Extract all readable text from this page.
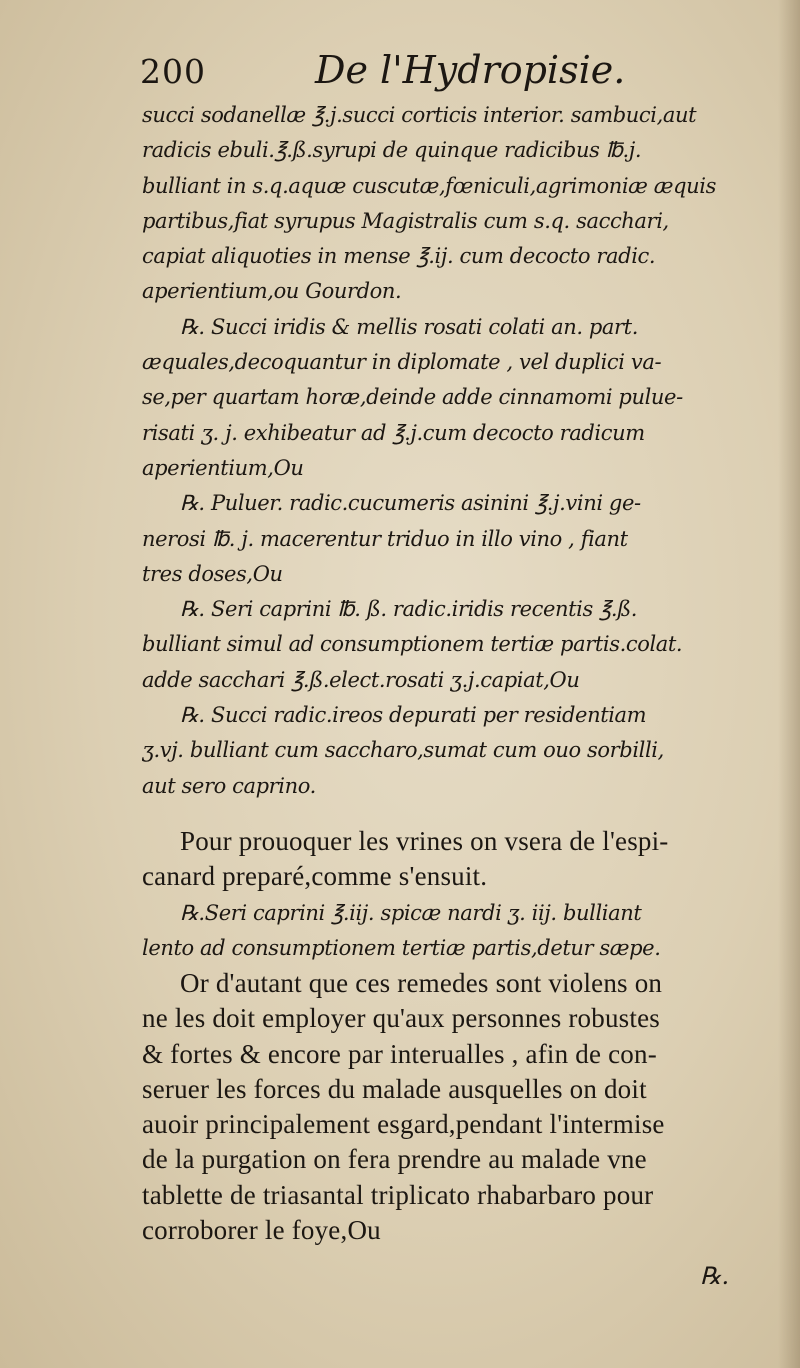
200	De l'Hydropisie.
succi sodanellæ ℥.j.succi corticis interior. sambuci,aut
radicis ebuli.℥.ß.syrupi de quinque radicibus ℔.j.
bulliant in s.q.aquæ cuscutæ,fœniculi,agrimoniæ æquis
partibus,fiat syrupus Magistralis cum s.q. sacchari,
capiat aliquoties in mense ℥.ij. cum decocto radic.
aperientium,ou Gourdon.
℞. Succi iridis & mellis rosati colati an. part.
æquales,decoquantur in diplomate , vel duplici va-
se,per quartam horæ,deinde adde cinnamomi pulue-
risati ʒ. j. exhibeatur ad ℥.j.cum decocto radicum
aperientium,Ou
℞. Puluer. radic.cucumeris asinini ℥.j.vini ge-
nerosi ℔. j. macerentur triduo in illo vino , fiant
tres doses,Ou
℞. Seri caprini ℔. ß. radic.iridis recentis ℥.ß.
bulliant simul ad consumptionem tertiæ partis.colat.
adde sacchari ℥.ß.elect.rosati ʒ.j.capiat,Ou
℞. Succi radic.ireos depurati per residentiam
ʒ.vj. bulliant cum saccharo,sumat cum ouo sorbilli,
aut sero caprino.
Pour prouoquer les vrines on vsera de l'espi-
canard preparé,comme s'ensuit.
℞.Seri caprini ℥.iij. spicæ nardi ʒ. iij. bulliant
lento ad consumptionem tertiæ partis,detur sæpe.
Or d'autant que ces remedes sont violens on
ne les doit employer qu'aux personnes robustes
& fortes & encore par interualles , afin de con-
seruer les forces du malade ausquelles on doit
auoir principalement esgard,pendant l'intermise
de la purgation on fera prendre au malade vne
tablette de triasantal triplicato rhabarbaro pour
corroborer le foye,Ou
℞.
